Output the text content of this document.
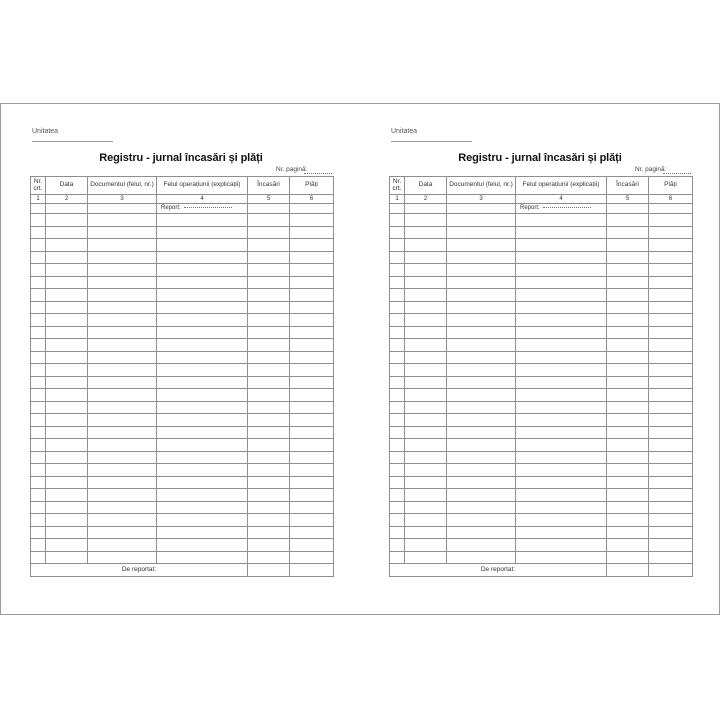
Unitatea
Registru - jurnal încasări și plăți
Nr. pagină:
Nr. crt.	Data	Documentul (felul, nr.)	Felul operațiunii (explicații)	Încasări	Plăți
1	2	3	4	5	6
			Report:		

De reportat:					
Unitatea
Registru - jurnal încasări și plăți
Nr. pagină:
Nr. crt.	Data	Documentul (felul, nr.)	Felul operațiunii (explicații)	Încasări	Plăți
1	2	3	4	5	6
			Report:		

De reportat:					
